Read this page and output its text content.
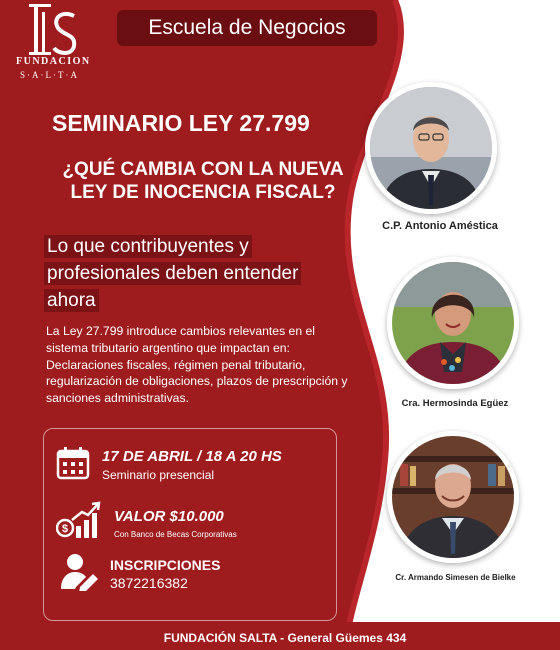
FUNDACION
S·A·L·T·A
Escuela de Negocios
SEMINARIO LEY 27.799
¿QUÉ CAMBIA CON LA NUEVA LEY DE INOCENCIA FISCAL?
Lo que contribuyentes y profesionales deben entender ahora
La Ley 27.799 introduce cambios relevantes en el sistema tributario argentino que impactan en: Declaraciones fiscales, régimen penal tributario, regularización de obligaciones, plazos de prescripción y sanciones administrativas.
17 DE ABRIL / 18 A 20 HS
Seminario presencial
$
VALOR $10.000
Con Banco de Becas Corporativas
INSCRIPCIONES
3872216382
C.P. Antonio Améstica
Cra. Hermosinda Egüez
Cr. Armando Simesen de Bielke
FUNDACIÓN SALTA - General Güemes 434
